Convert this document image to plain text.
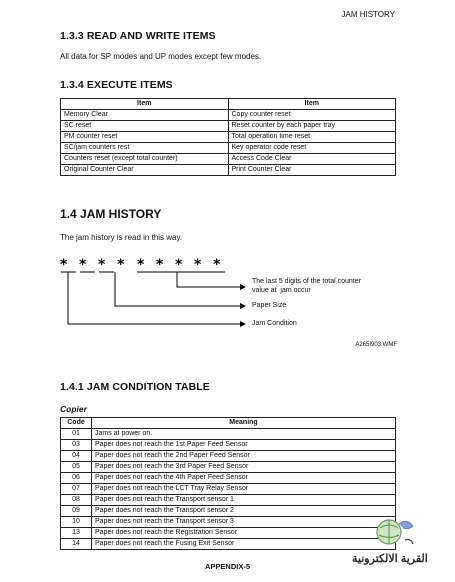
JAM HISTORY
1.3.3 READ AND WRITE ITEMS
All data for SP modes and UP modes except few modes.
1.3.4 EXECUTE ITEMS
Item	Item
Memory Clear	Copy counter reset
SC reset	Reset counter by each paper tray
PM counter reset	Total operation time reset
SC/jam counters rest	Key operator code reset
Counters reset (except total counter)	Access Code Clear
Original Counter Clear	Print Counter Clear
1.4 JAM HISTORY
The jam history is read in this way.
* * * * * * * * *
The last 5 digits of the total counter
value at  jam occur
Paper Size
Jam Condition
A265I903.WMF
1.4.1 JAM CONDITION TABLE
Copier
Code	Meaning
01	Jams at power on.
03	Paper does not reach the 1st Paper Feed Sensor
04	Paper does not reach the 2nd Paper Feed Sensor
05	Paper does not reach the 3rd Paper Feed Sensor
06	Paper does not reach the 4th Paper Feed Sensor
07	Paper does not reach the LCT Tray Relay Sensor
08	Paper does not reach the Transport sensor 1
09	Paper does not reach the Transport sensor 2
10	Paper does not reach the Transport sensor 3
13	Paper does not reach the Registration Sensor
14	Paper does not reach the Fusing Exit Sensor
القرية الالكترونية
APPENDIX-5
